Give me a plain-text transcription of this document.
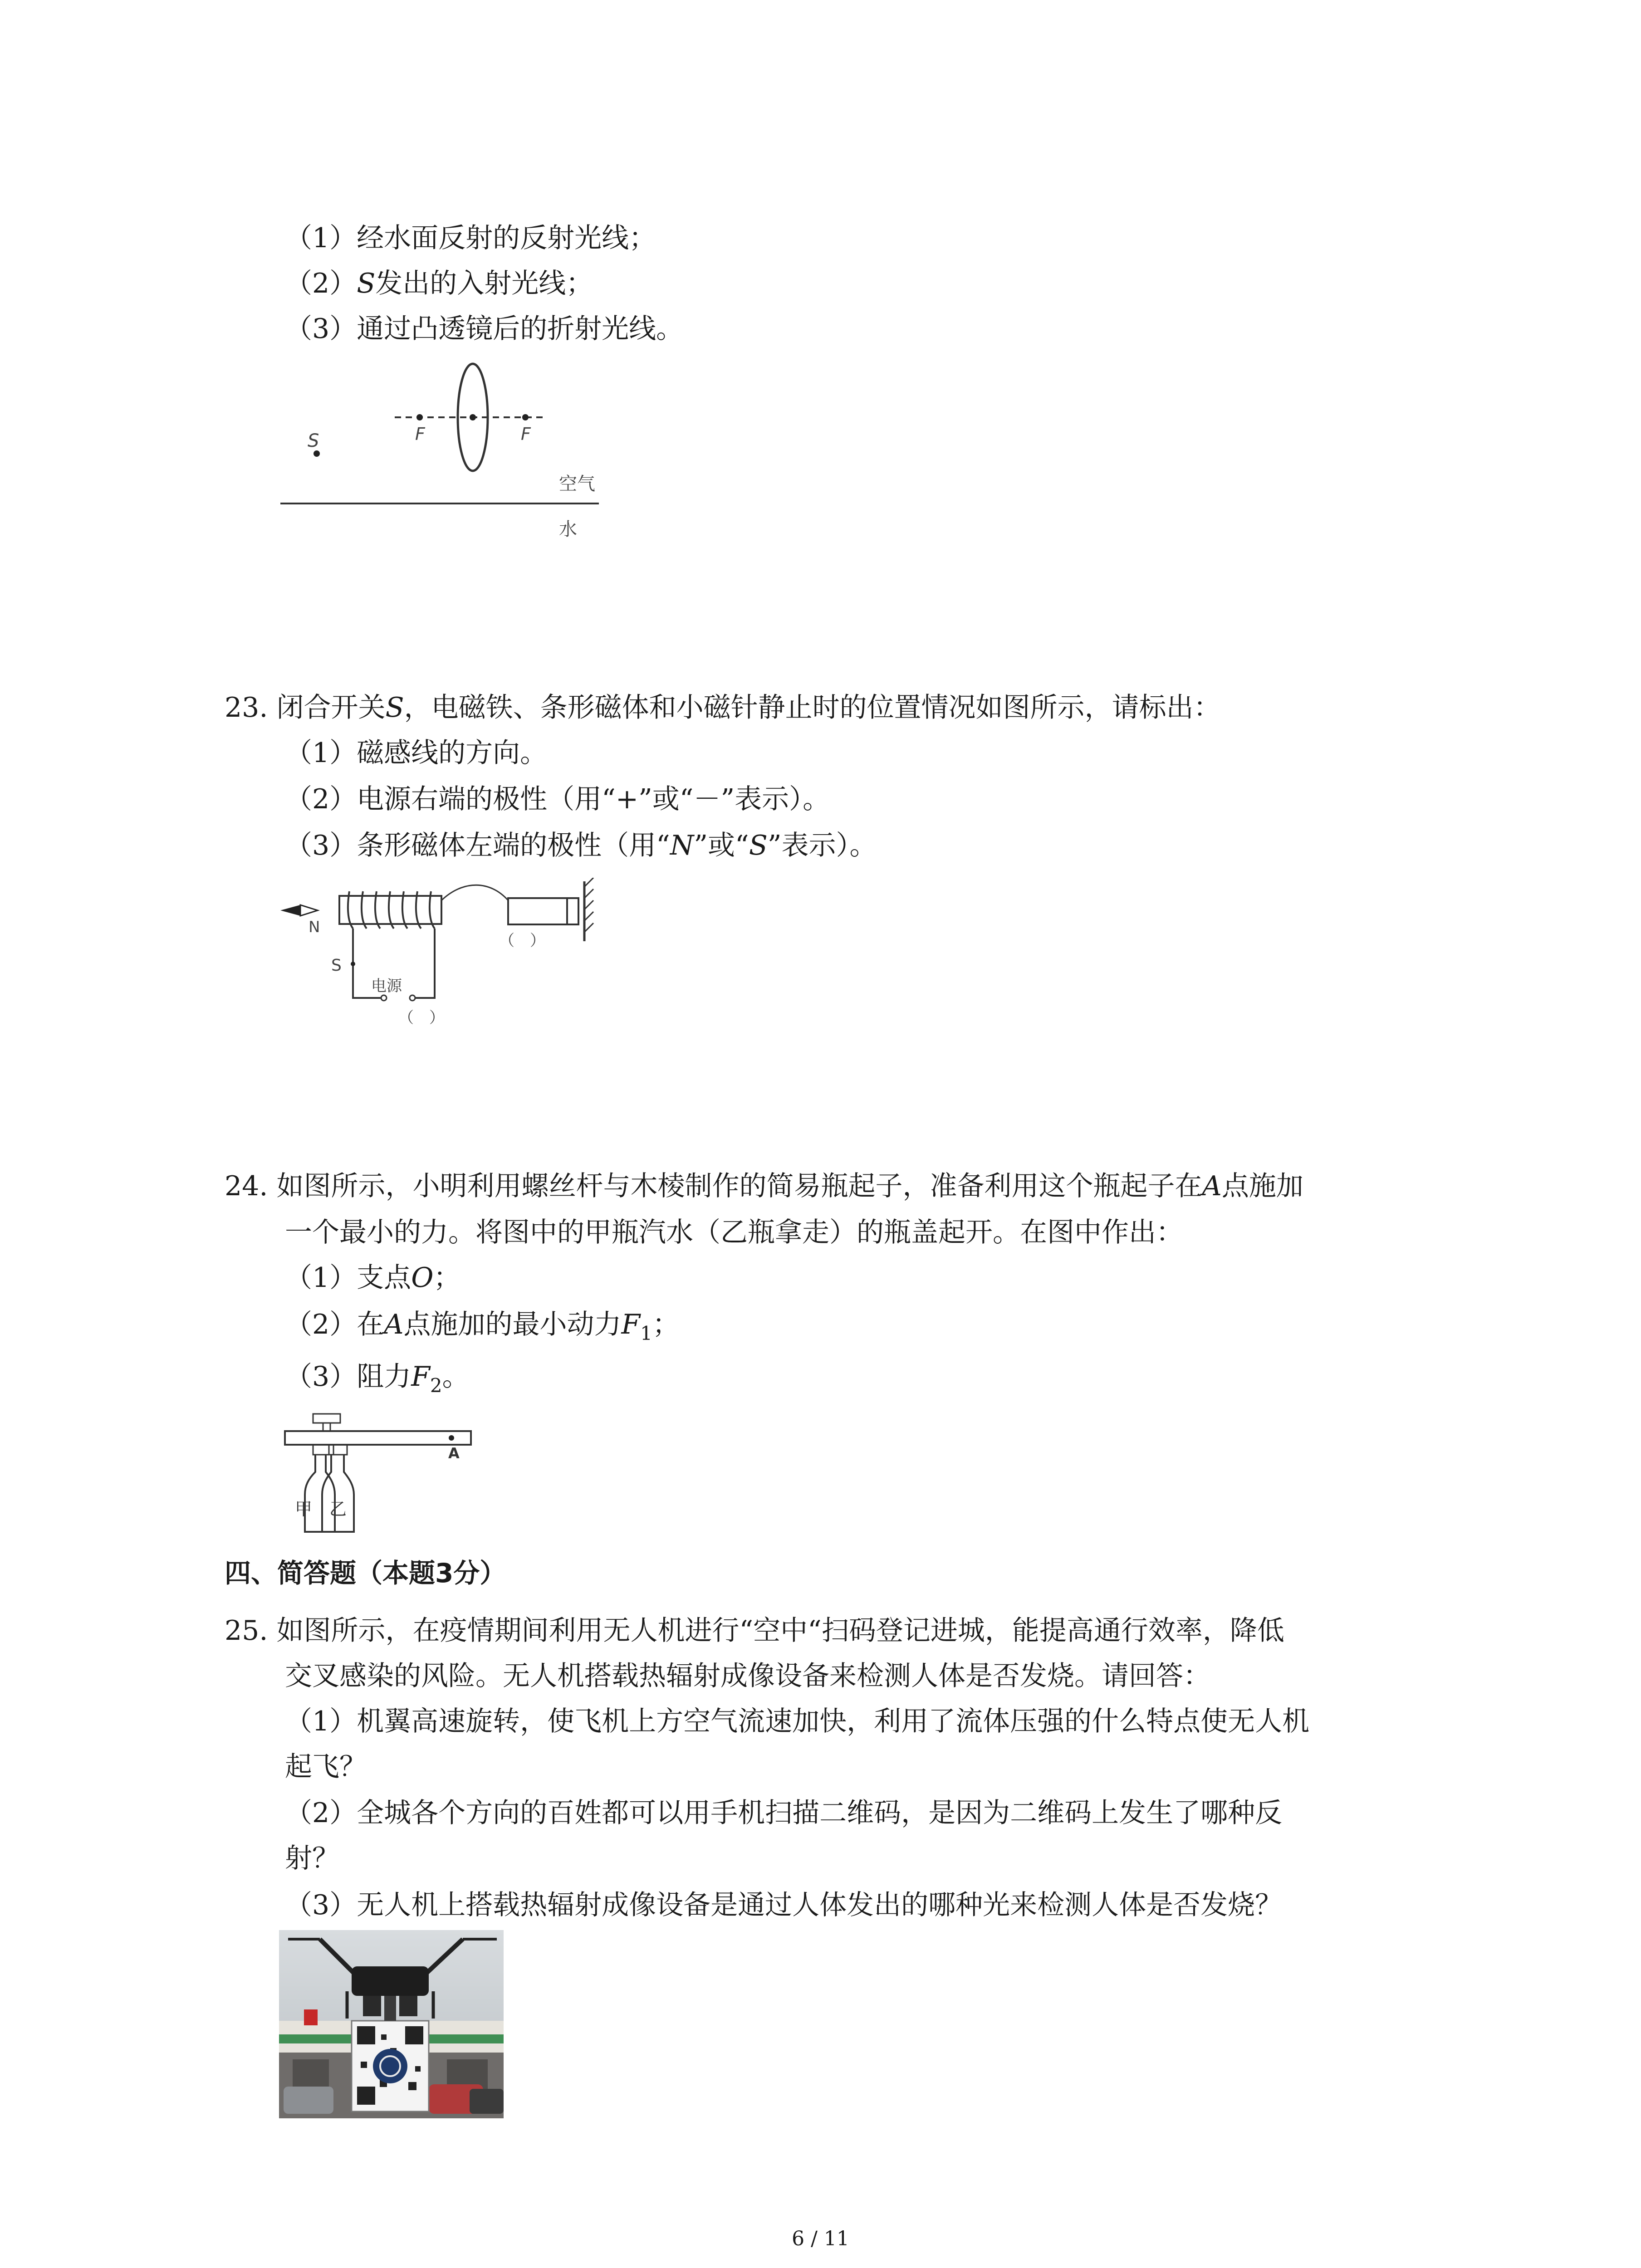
（1）经水面反射的反射光线；
（2）S发出的入射光线；
（3）通过凸透镜后的折射光线。
S	F	F
空气
水
23. 闭合开关S，电磁铁、条形磁体和小磁针静止时的位置情况如图所示，请标出：
（1）磁感线的方向。
（2）电源右端的极性（用“+”或“－”表示）。
（3）条形磁体左端的极性（用“N”或“S”表示）。
N
（　）
S
电源
（　）
24. 如图所示，小明利用螺丝杆与木棱制作的简易瓶起子，准备利用这个瓶起子在A点施加
一个最小的力。将图中的甲瓶汽水（乙瓶拿走）的瓶盖起开。在图中作出：
（1）支点O；
（2）在A点施加的最小动力$F_1$；
（3）阻力$F_2$。
A
甲 乙
四、简答题（本题3分）
25. 如图所示，在疫情期间利用无人机进行“空中“扫码登记进城，能提高通行效率，降低
交叉感染的风险。无人机搭载热辐射成像设备来检测人体是否发烧。请回答：
（1）机翼高速旋转，使飞机上方空气流速加快，利用了流体压强的什么特点使无人机
起飞？
（2）全城各个方向的百姓都可以用手机扫描二维码，是因为二维码上发生了哪种反
射？
（3）无人机上搭载热辐射成像设备是通过人体发出的哪种光来检测人体是否发烧？
6 / 11
